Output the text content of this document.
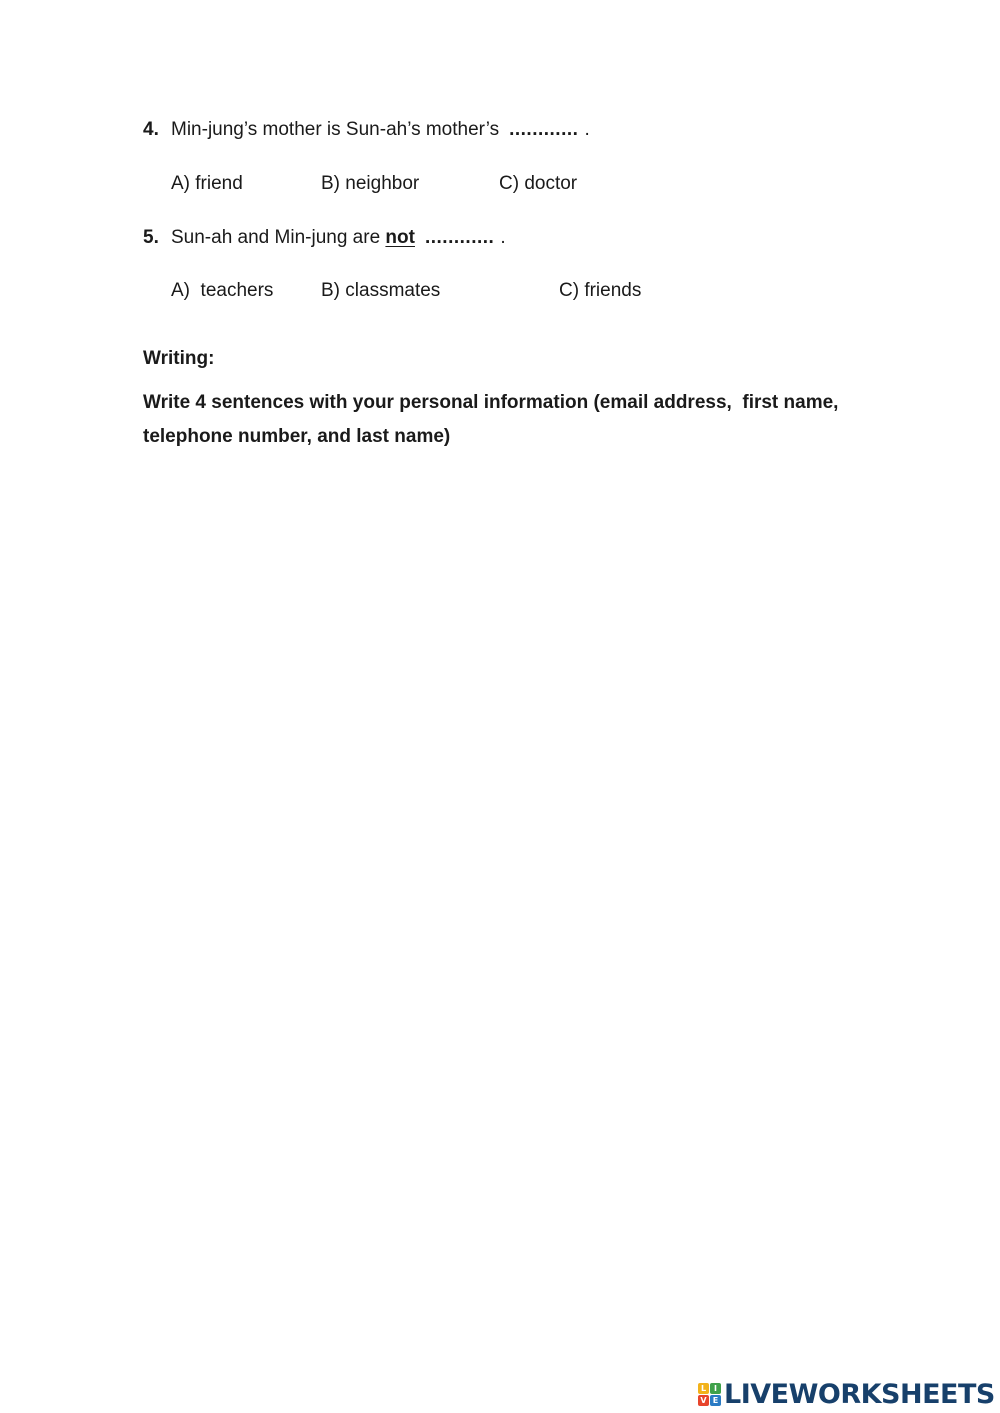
4. Min-jung’s mother is Sun-ah’s mother’s ............ .
A) friend	B) neighbor	C) doctor
5. Sun-ah and Min-jung are not ............ .
A)  teachers	B) classmates	C) friends
Writing:
Write 4 sentences with your personal information (email address,  first name, telephone number, and last name)
L I
V E LIVEWORKSHEETS
